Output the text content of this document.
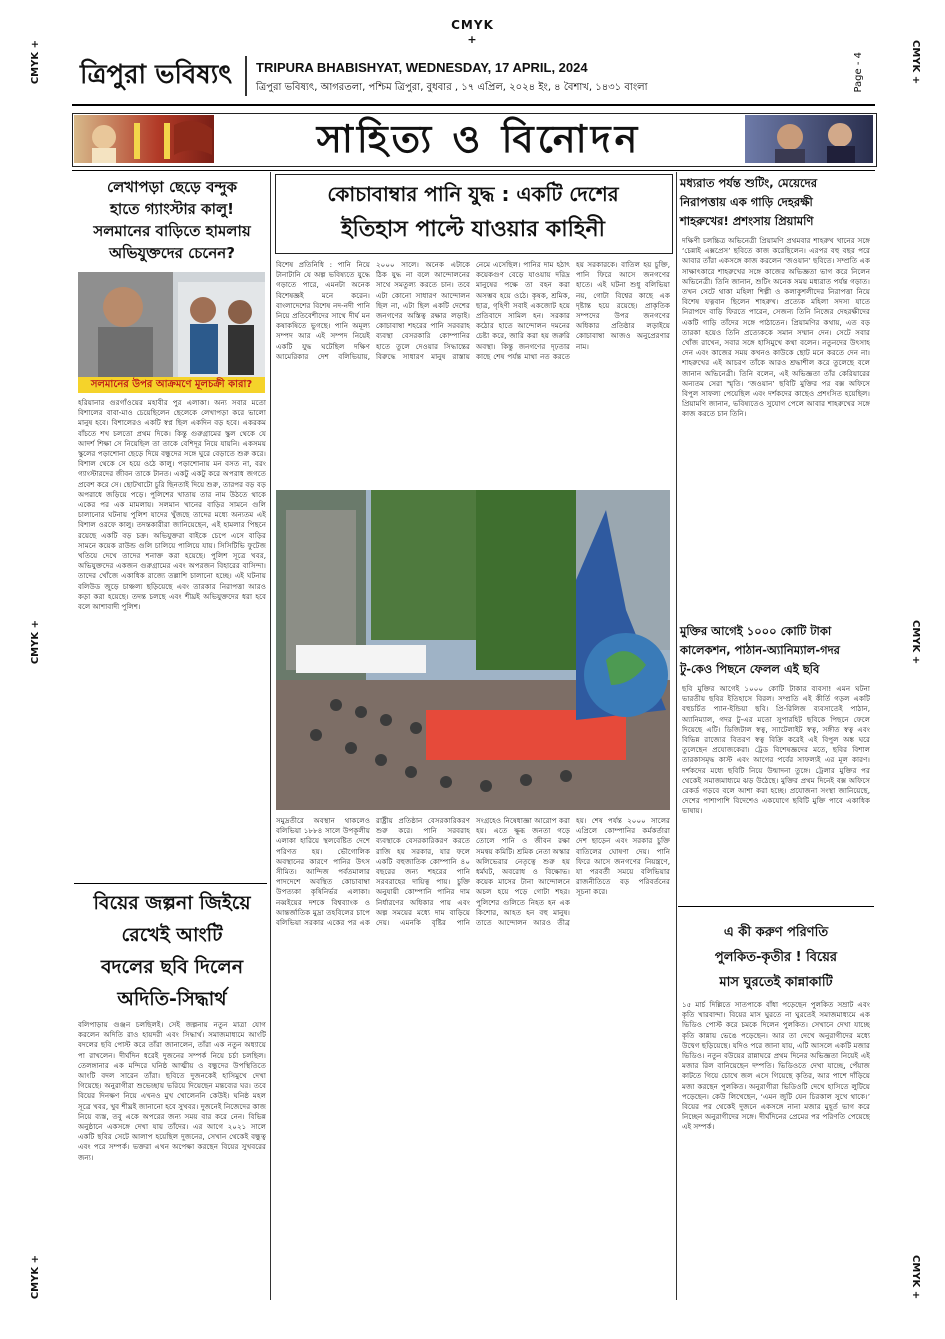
CMYK
+
CMYK +	CMYK +
CMYK +	CMYK +
CMYK +	CMYK +
ত্রিপুরা ভবিষ্যৎ TRIPURA BHABISHYAT, WEDNESDAY, 17 APRIL, 2024
ত্রিপুরা ভবিষ্যৎ, আগরতলা, পশ্চিম ত্রিপুরা, বুধবার , ১৭ এপ্রিল, ২০২৪ ইং, ৪ বৈশাখ, ১৪৩১ বাংলা	Page - 4
সাহিত্য ও বিনোদন
লেখাপড়া ছেড়ে বন্দুক
হাতে গ্যাংস্টার কালু!
সলমানের বাড়িতে হামলায়
অভিযুক্তদের চেনেন?
সলমানের উপর আক্রমণে মূলচক্রী কারা?
হরিয়ানার গুরগাঁওয়ের মহাবীর পুর এলাকা। অন্য সবার মতো বিশালের বাবা-মাও চেয়েছিলেন ছেলেকে লেখাপড়া করে ভালো মানুষ হবে। বিশালেরও একটি স্বপ্ন ছিল একদিন বড় হবে। একরকম বাঁচতে শখ চলতো প্রথম দিকে। কিন্তু গুরুগ্রামের স্কুল থেকে যে আদর্শ শিক্ষা সে নিয়েছিল তা তাকে বেশিদূর নিয়ে যায়নি। একসময় স্কুলের পড়াশোনা ছেড়ে দিয়ে বন্ধুদের সঙ্গে ঘুরে বেড়াতে শুরু করে। বিশাল থেকে সে হয়ে ওঠে কালু। পড়াশোনায় মন বসত না, বরং গ্যাংস্টারদের জীবন তাকে টানত। একটু একটু করে অপরাধ জগতে প্রবেশ করে সে। ছোটখাটো চুরি ছিনতাই দিয়ে শুরু, তারপর বড় বড় অপরাধে জড়িয়ে পড়ে। পুলিশের খাতায় তার নাম উঠতে থাকে একের পর এক মামলায়। সলমান খানের বাড়ির সামনে গুলি চালানোর ঘটনায় পুলিশ যাদের খুঁজছে তাদের মধ্যে অন্যতম এই বিশাল ওরফে কালু। তদন্তকারীরা জানিয়েছেন, এই হামলার পিছনে রয়েছে একটি বড় চক্র। অভিযুক্তরা বাইকে চেপে এসে বাড়ির সামনে কয়েক রাউন্ড গুলি চালিয়ে পালিয়ে যায়। সিসিটিভি ফুটেজ খতিয়ে দেখে তাদের শনাক্ত করা হয়েছে। পুলিশ সূত্রে খবর, অভিযুক্তদের একজন গুরুগ্রামের এবং অপরজন বিহারের বাসিন্দা। তাদের খোঁজে একাধিক রাজ্যে তল্লাশি চালানো হচ্ছে। এই ঘটনায় বলিউড জুড়ে চাঞ্চল্য ছড়িয়েছে এবং তারকার নিরাপত্তা আরও কড়া করা হয়েছে। তদন্ত চলছে এবং শীঘ্রই অভিযুক্তদের ধরা হবে বলে আশাবাদী পুলিশ।
বিয়ের জল্পনা জিইয়ে
রেখেই আংটি
বদলের ছবি দিলেন
অদিতি-সিদ্ধার্থ
বলিপাড়ায় গুঞ্জন চলছিলই। সেই জল্পনায় নতুন মাত্রা যোগ করলেন অদিতি রাও হায়দরী এবং সিদ্ধার্থ। সমাজমাধ্যমে আংটি বদলের ছবি পোস্ট করে তাঁরা জানালেন, তাঁরা এক নতুন অধ্যায়ে পা রাখলেন। দীর্ঘদিন ধরেই দুজনের সম্পর্ক নিয়ে চর্চা চলছিল। তেলঙ্গানার এক মন্দিরে ঘনিষ্ঠ আত্মীয় ও বন্ধুদের উপস্থিতিতে আংটি বদল সারেন তাঁরা। ছবিতে দুজনকেই হাসিমুখে দেখা গিয়েছে। অনুরাগীরা শুভেচ্ছায় ভরিয়ে দিয়েছেন মন্তব্যের ঘর। তবে বিয়ের দিনক্ষণ নিয়ে এখনও মুখ খোলেননি কেউই। ঘনিষ্ঠ মহল সূত্রে খবর, খুব শীঘ্রই জানানো হবে সুখবর। দুজনেই নিজেদের কাজ নিয়ে ব্যস্ত, তবু একে অপরের জন্য সময় বার করে নেন। বিভিন্ন অনুষ্ঠানে একসঙ্গে দেখা যায় তাঁদের। এর আগে ২০২১ সালে একটি ছবির সেটে আলাপ হয়েছিল দুজনের, সেখান থেকেই বন্ধুত্ব এবং পরে সম্পর্ক। ভক্তরা এখন অপেক্ষা করছেন বিয়ের সুখবরের জন্য।
কোচাবাম্বার পানি যুদ্ধ : একটি দেশের
ইতিহাস পাল্টে যাওয়ার কাহিনী
বিশেষ প্রতিনিধি : পানি নিয়ে টানাটানি যে অল্প ভবিষ্যতে যুদ্ধে গড়াতে পারে, এমনটা অনেক বিশেষজ্ঞই মনে করেন। বাংলাদেশের বিশেষ নদ-নদী পানি নিয়ে প্রতিবেশীদের সাথে দীর্ঘ মন কষাকষিতে ভুগছে। পানি অমূল্য সম্পদ আর এই সম্পদ নিয়েই একটি যুদ্ধ ঘটেছিল দক্ষিণ আমেরিকার দেশ বলিভিয়ায়, ২০০০ সালে। অনেক এটাকে ঠিক যুদ্ধ না বলে আন্দোলনের সাথে সমতুল্য করতে চান। তবে এটা কোনো সাধারণ আন্দোলন ছিল না, এটা ছিল একটি দেশের জনগণের অস্তিত্ব রক্ষার লড়াই। কোচাবাম্বা শহরের পানি সরবরাহ ব্যবস্থা বেসরকারি কোম্পানির হাতে তুলে দেওয়ার সিদ্ধান্তের বিরুদ্ধে সাধারণ মানুষ রাস্তায় নেমে এসেছিল। পানির দাম হঠাৎ কয়েকগুণ বেড়ে যাওয়ায় দরিদ্র মানুষের পক্ষে তা বহন করা অসম্ভব হয়ে ওঠে। কৃষক, শ্রমিক, ছাত্র, গৃহিণী সবাই একজোট হয়ে প্রতিবাদে সামিল হন। সরকার কঠোর হাতে আন্দোলন দমনের চেষ্টা করে, জারি করা হয় জরুরি অবস্থা। কিন্তু জনগণের দৃঢ়তার কাছে শেষ পর্যন্ত মাথা নত করতে হয় সরকারকে। বাতিল হয় চুক্তি, পানি ফিরে আসে জনগণের হাতে। এই ঘটনা শুধু বলিভিয়া নয়, গোটা বিশ্বের কাছে এক দৃষ্টান্ত হয়ে রয়েছে। প্রাকৃতিক সম্পদের উপর জনগণের অধিকার প্রতিষ্ঠার লড়াইয়ে কোচাবাম্বা আজও অনুপ্রেরণার নাম।
সমুদ্রতীরে অবস্থান থাকলেও বলিভিয়া ১৮৮৪ সালে উপকূলীয় এলাকা হারিয়ে স্থলবেষ্টিত দেশে পরিণত হয়। ভৌগোলিক অবস্থানের কারণে পানির উৎস সীমিত। আন্দিজ পর্বতমালার পাদদেশে অবস্থিত কোচাবাম্বা উপত্যকা কৃষিনির্ভর এলাকা। নব্বইয়ের দশকে বিশ্বব্যাংক ও আন্তর্জাতিক মুদ্রা তহবিলের চাপে বলিভিয়া সরকার একের পর এক রাষ্ট্রীয় প্রতিষ্ঠান বেসরকারিকরণ শুরু করে। পানি সরবরাহ ব্যবস্থাকে বেসরকারিকরণ করতে রাজি হয় সরকার, যার ফলে একটি বহুজাতিক কোম্পানি ৪০ বছরের জন্য শহরের পানি সরবরাহের দায়িত্ব পায়। চুক্তি অনুযায়ী কোম্পানি পানির দাম নির্ধারণের অধিকার পায় এবং অল্প সময়ের মধ্যে দাম বাড়িয়ে দেয়। এমনকি বৃষ্টির পানি সংগ্রহেও নিষেধাজ্ঞা আরোপ করা হয়। এতে ক্ষুব্ধ জনতা গড়ে তোলে পানি ও জীবন রক্ষা সমন্বয় কমিটি। শ্রমিক নেতা অস্কার অলিভেরার নেতৃত্বে শুরু হয় ধর্মঘট, অবরোধ ও বিক্ষোভ। কয়েক মাসের টানা আন্দোলনে অচল হয়ে পড়ে গোটা শহর। পুলিশের গুলিতে নিহত হন এক কিশোর, আহত হন বহু মানুষ। তাতে আন্দোলন আরও তীব্র হয়। শেষ পর্যন্ত ২০০০ সালের এপ্রিলে কোম্পানির কর্মকর্তারা দেশ ছাড়েন এবং সরকার চুক্তি বাতিলের ঘোষণা দেয়। পানি ফিরে আসে জনগণের নিয়ন্ত্রণে, যা পরবর্তী সময়ে বলিভিয়ার রাজনীতিতে বড় পরিবর্তনের সূচনা করে।
মধ্যরাত পর্যন্ত শুটিং, মেয়েদের
নিরাপত্তায় এক গাড়ি দেহরক্ষী
শাহরুখের! প্রশংসায় প্রিয়ামণি
দক্ষিণী চলচ্চিত্র অভিনেত্রী প্রিয়ামণি প্রথমবার শাহরুখ খানের সঙ্গে ‘চেন্নাই এক্সপ্রেস’ ছবিতে কাজ করেছিলেন। এরপর বহু বছর পরে আবার তাঁরা একসঙ্গে কাজ করলেন ‘জওয়ান’ ছবিতে। সম্প্রতি এক সাক্ষাৎকারে শাহরুখের সঙ্গে কাজের অভিজ্ঞতা ভাগ করে নিলেন অভিনেত্রী। তিনি জানান, শুটিং অনেক সময় মধ্যরাত পর্যন্ত গড়াত। তখন সেটে থাকা মহিলা শিল্পী ও কলাকুশলীদের নিরাপত্তা নিয়ে বিশেষ যত্নবান ছিলেন শাহরুখ। প্রত্যেক মহিলা সদস্য যাতে নিরাপদে বাড়ি ফিরতে পারেন, সেজন্য তিনি নিজের দেহরক্ষীদের একটি গাড়ি তাঁদের সঙ্গে পাঠাতেন। প্রিয়ামণির কথায়, এত বড় তারকা হয়েও তিনি প্রত্যেককে সমান সম্মান দেন। সেটে সবার খোঁজ রাখেন, সবার সঙ্গে হাসিমুখে কথা বলেন। নতুনদের উৎসাহ দেন এবং কাজের সময় কখনও কাউকে ছোট মনে করতে দেন না। শাহরুখের এই আচরণ তাঁকে আরও শ্রদ্ধাশীল করে তুলেছে বলে জানান অভিনেত্রী। তিনি বলেন, এই অভিজ্ঞতা তাঁর কেরিয়ারের অন্যতম সেরা স্মৃতি। ‘জওয়ান’ ছবিটি মুক্তির পর বক্স অফিসে বিপুল সাফল্য পেয়েছিল এবং দর্শকদের কাছেও প্রশংসিত হয়েছিল। প্রিয়ামণি জানান, ভবিষ্যতেও সুযোগ পেলে আবার শাহরুখের সঙ্গে কাজ করতে চান তিনি।
মুক্তির আগেই ১০০০ কোটি টাকা
কালেকশন, পাঠান-অ্যানিম্যাল-গদর
টু-কেও পিছনে ফেলল এই ছবি
ছবি মুক্তির আগেই ১০০০ কোটি টাকার ব্যবসা! এমন ঘটনা ভারতীয় ছবির ইতিহাসে বিরল। সম্প্রতি এই কীর্তি গড়ল একটি বহুচর্চিত প্যান-ইন্ডিয়া ছবি। প্রি-রিলিজ ব্যবসাতেই পাঠান, অ্যানিম্যাল, গদর টু-এর মতো সুপারহিট ছবিকে পিছনে ফেলে দিয়েছে এটি। ডিজিটাল স্বত্ব, স্যাটেলাইট স্বত্ব, সঙ্গীত স্বত্ব এবং বিভিন্ন রাজ্যের বিতরণ স্বত্ব বিক্রি করেই এই বিপুল অঙ্ক ঘরে তুলেছেন প্রযোজকেরা। ট্রেড বিশেষজ্ঞদের মতে, ছবির বিশাল তারকাসমৃদ্ধ কাস্ট এবং আগের পর্বের সাফল্যই এর মূল কারণ। দর্শকদের মধ্যে ছবিটি নিয়ে উন্মাদনা তুঙ্গে। ট্রেলার মুক্তির পর থেকেই সমাজমাধ্যমে ঝড় উঠেছে। মুক্তির প্রথম দিনেই বক্স অফিসে রেকর্ড গড়বে বলে আশা করা হচ্ছে। প্রযোজনা সংস্থা জানিয়েছে, দেশের পাশাপাশি বিদেশেও একযোগে ছবিটি মুক্তি পাবে একাধিক ভাষায়।
এ কী করুণ পরিণতি
পুলকিত-কৃতীর ! বিয়ের
মাস ঘুরতেই কান্নাকাটি
১৫ মার্চ দিল্লিতে সাতপাকে বাঁধা পড়েছেন পুলকিত সম্রাট এবং কৃতি খারবান্দা। বিয়ের মাস ঘুরতে না ঘুরতেই সমাজমাধ্যমে এক ভিডিও পোস্ট করে চমকে দিলেন পুলকিত। সেখানে দেখা যাচ্ছে কৃতি কান্নায় ভেঙে পড়েছেন। আর তা দেখে অনুরাগীদের মধ্যে উদ্বেগ ছড়িয়েছে। যদিও পরে জানা যায়, এটি আসলে একটি মজার ভিডিও। নতুন বউয়ের রান্নাঘরে প্রথম দিনের অভিজ্ঞতা নিয়েই এই মজার রিল বানিয়েছেন দম্পতি। ভিডিওতে দেখা যাচ্ছে, পেঁয়াজ কাটতে গিয়ে চোখে জল এসে গিয়েছে কৃতির, আর পাশে দাঁড়িয়ে মজা করছেন পুলকিত। অনুরাগীরা ভিডিওটি দেখে হাসিতে লুটিয়ে পড়েছেন। কেউ লিখেছেন, ‘এমন জুটি যেন চিরকাল সুখে থাকে।’ বিয়ের পর থেকেই দুজনে একসঙ্গে নানা মজার মুহূর্ত ভাগ করে নিচ্ছেন অনুরাগীদের সঙ্গে। দীর্ঘদিনের প্রেমের পর পরিণতি পেয়েছে এই সম্পর্ক।
